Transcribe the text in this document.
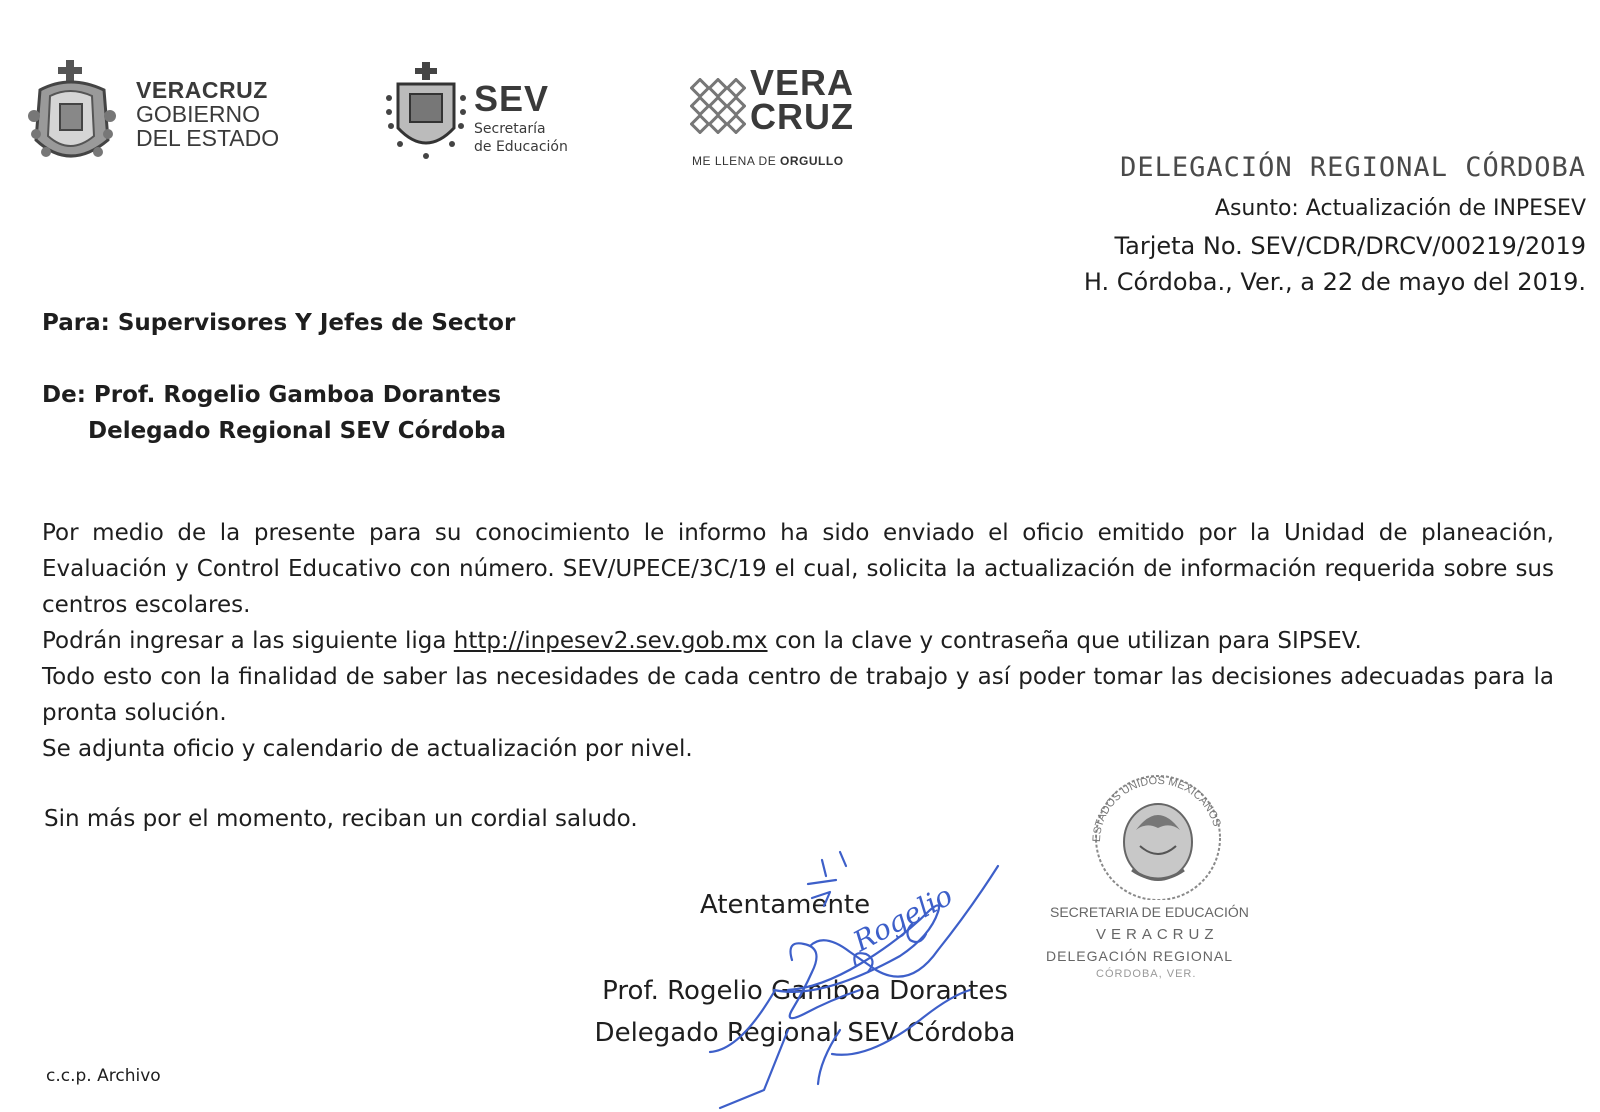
VERACRUZ
GOBIERNO
DEL ESTADO
SEV
Secretaría
de Educación
VERA
CRUZ
ME LLENA DE ORGULLO	DELEGACIÓN REGIONAL CÓRDOBA
Asunto: Actualización de INPESEV
Tarjeta No. SEV/CDR/DRCV/00219/2019
H. Córdoba., Ver., a 22 de mayo del 2019.
Para: Supervisores Y Jefes de Sector
De: Prof. Rogelio Gamboa Dorantes
Delegado Regional SEV Córdoba

Por medio de la presente para su conocimiento le informo ha sido enviado el oficio emitido por la Unidad de planeación, Evaluación y Control Educativo con número. SEV/UPECE/3C/19 el cual, solicita la actualización de información requerida sobre sus centros escolares.

Podrán ingresar a las siguiente liga http://inpesev2.sev.gob.mx con la clave y contraseña que utilizan para SIPSEV.

Todo esto con la finalidad de saber las necesidades de cada centro de trabajo y así poder tomar las decisiones adecuadas para la pronta solución.

Se adjunta oficio y calendario de actualización por nivel.

Sin más por el momento, reciban un cordial saludo.
ESTADOS UNIDOS MEXICANOS
SECRETARIA DE EDUCACIÓN
VERACRUZ
DELEGACIÓN REGIONAL
CÓRDOBA, VER.
Atentamente
Prof. Rogelio Gamboa Dorantes
Delegado Regional SEV Córdoba
Rogelio
c.c.p. Archivo
